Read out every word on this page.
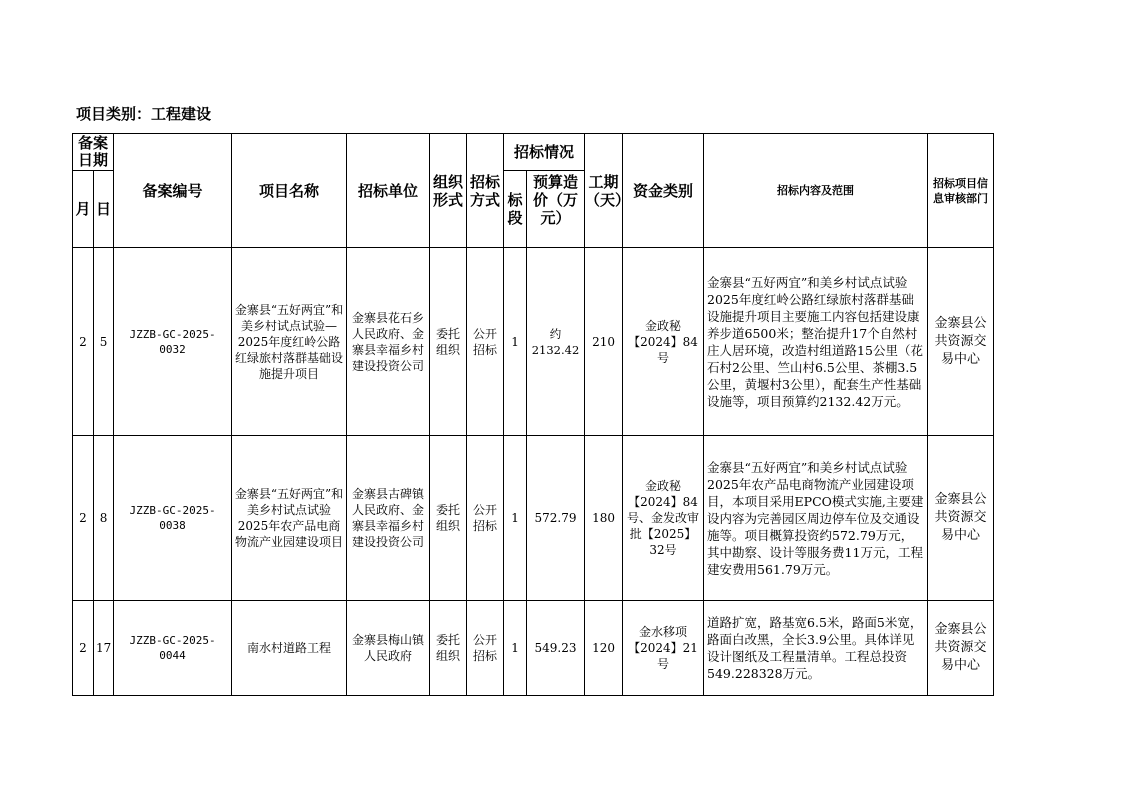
项目类别：工程建设
备案日期		备案编号	项目名称	招标单位	组织形式	招标方式	招标情况		工期（天）	资金类别	招标内容及范围	招标项目信息审核部门
月	日						标段	预算造价（万元）				

2	5	JZZB-GC-2025-0032	金寨县“五好两宜”和美乡村试点试验—2025年度红岭公路红绿旅村落群基础设施提升项目	金寨县花石乡人民政府、金寨县幸福乡村建设投资公司	委托组织	公开招标	1	约2132.42	210	金政秘【2024】84号	金寨县“五好两宜”和美乡村试点试验2025年度红岭公路红绿旅村落群基础设施提升项目主要施工内容包括建设康养步道6500米；整治提升17个自然村庄人居环境，改造村组道路15公里（花石村2公里、竺山村6.5公里、茶棚3.5公里，黄堰村3公里），配套生产性基础设施等，项目预算约2132.42万元。	金寨县公共资源交易中心
2	8	JZZB-GC-2025-0038	金寨县“五好两宜”和美乡村试点试验2025年农产品电商物流产业园建设项目	金寨县古碑镇人民政府、金寨县幸福乡村建设投资公司	委托组织	公开招标	1	572.79	180	金政秘【2024】84号、金发改审批【2025】32号	金寨县“五好两宜”和美乡村试点试验2025年农产品电商物流产业园建设项目，本项目采用EPCO模式实施,主要建设内容为完善园区周边停车位及交通设施等。项目概算投资约572.79万元，其中勘察、设计等服务费11万元，工程建安费用561.79万元。	金寨县公共资源交易中心
2	17	JZZB-GC-2025-0044	南水村道路工程	金寨县梅山镇人民政府	委托组织	公开招标	1	549.23	120	金水移项【2024】21号	道路扩宽，路基宽6.5米，路面5米宽，路面白改黑，全长3.9公里。具体详见设计图纸及工程量清单。工程总投资549.228328万元。	金寨县公共资源交易中心
